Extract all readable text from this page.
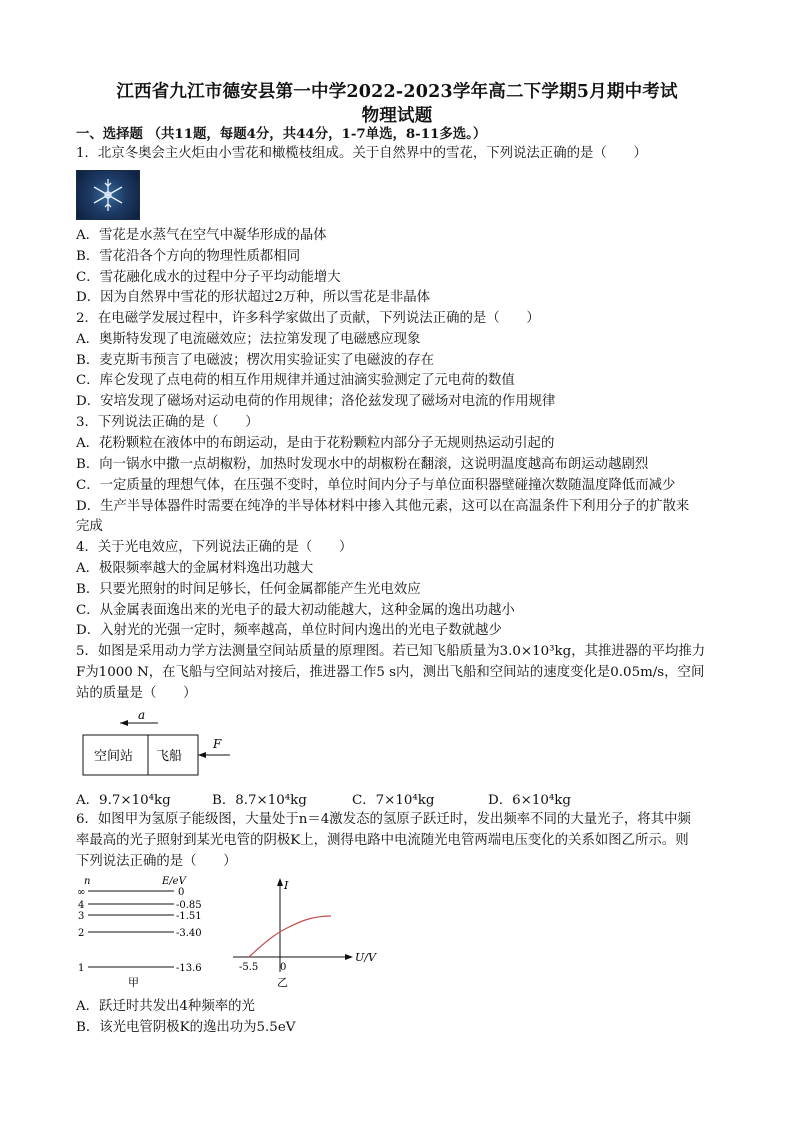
江西省九江市德安县第一中学2022-2023学年高二下学期5月期中考试
物理试题
一、选择题 （共11题，每题4分，共44分，1-7单选，8-11多选。）
1．北京冬奥会主火炬由小雪花和橄榄枝组成。关于自然界中的雪花，下列说法正确的是（　　）
A．雪花是水蒸气在空气中凝华形成的晶体
B．雪花沿各个方向的物理性质都相同
C．雪花融化成水的过程中分子平均动能增大
D．因为自然界中雪花的形状超过2万种，所以雪花是非晶体
2．在电磁学发展过程中，许多科学家做出了贡献，下列说法正确的是（　　）
A．奥斯特发现了电流磁效应；法拉第发现了电磁感应现象
B．麦克斯韦预言了电磁波；楞次用实验证实了电磁波的存在
C．库仑发现了点电荷的相互作用规律并通过油滴实验测定了元电荷的数值
D．安培发现了磁场对运动电荷的作用规律；洛伦兹发现了磁场对电流的作用规律
3．下列说法正确的是（　　）
A．花粉颗粒在液体中的布朗运动，是由于花粉颗粒内部分子无规则热运动引起的
B．向一锅水中撒一点胡椒粉，加热时发现水中的胡椒粉在翻滚，这说明温度越高布朗运动越剧烈
C．一定质量的理想气体，在压强不变时，单位时间内分子与单位面积器壁碰撞次数随温度降低而减少
D．生产半导体器件时需要在纯净的半导体材料中掺入其他元素，这可以在高温条件下利用分子的扩散来
完成
4．关于光电效应，下列说法正确的是（　　）
A．极限频率越大的金属材料逸出功越大
B．只要光照射的时间足够长，任何金属都能产生光电效应
C．从金属表面逸出来的光电子的最大初动能越大，这种金属的逸出功越小
D．入射光的光强一定时，频率越高，单位时间内逸出的光电子数就越少
5．如图是采用动力学方法测量空间站质量的原理图。若已知飞船质量为3.0×10³kg，其推进器的平均推力
F为1000 N，在飞船与空间站对接后，推进器工作5 s内，测出飞船和空间站的速度变化是0.05m/s，空间
站的质量是（　　）
a
空间站 飞船
F
A．9.7×10⁴kg	B．8.7×10⁴kg	C．7×10⁴kg	D．6×10⁴kg
6．如图甲为氢原子能级图，大量处于n＝4激发态的氢原子跃迁时，发出频率不同的大量光子，将其中频
率最高的光子照射到某光电管的阴极K上，测得电路中电流随光电管两端电压变化的关系如图乙所示。则
下列说法正确的是（　　）
n	E/eV
∞	0
4	-0.85
3	-1.51
2	-3.40
1	-13.6
甲
I
U/V
-5.5 0
乙
A．跃迁时共发出4种频率的光
B．该光电管阴极K的逸出功为5.5eV
